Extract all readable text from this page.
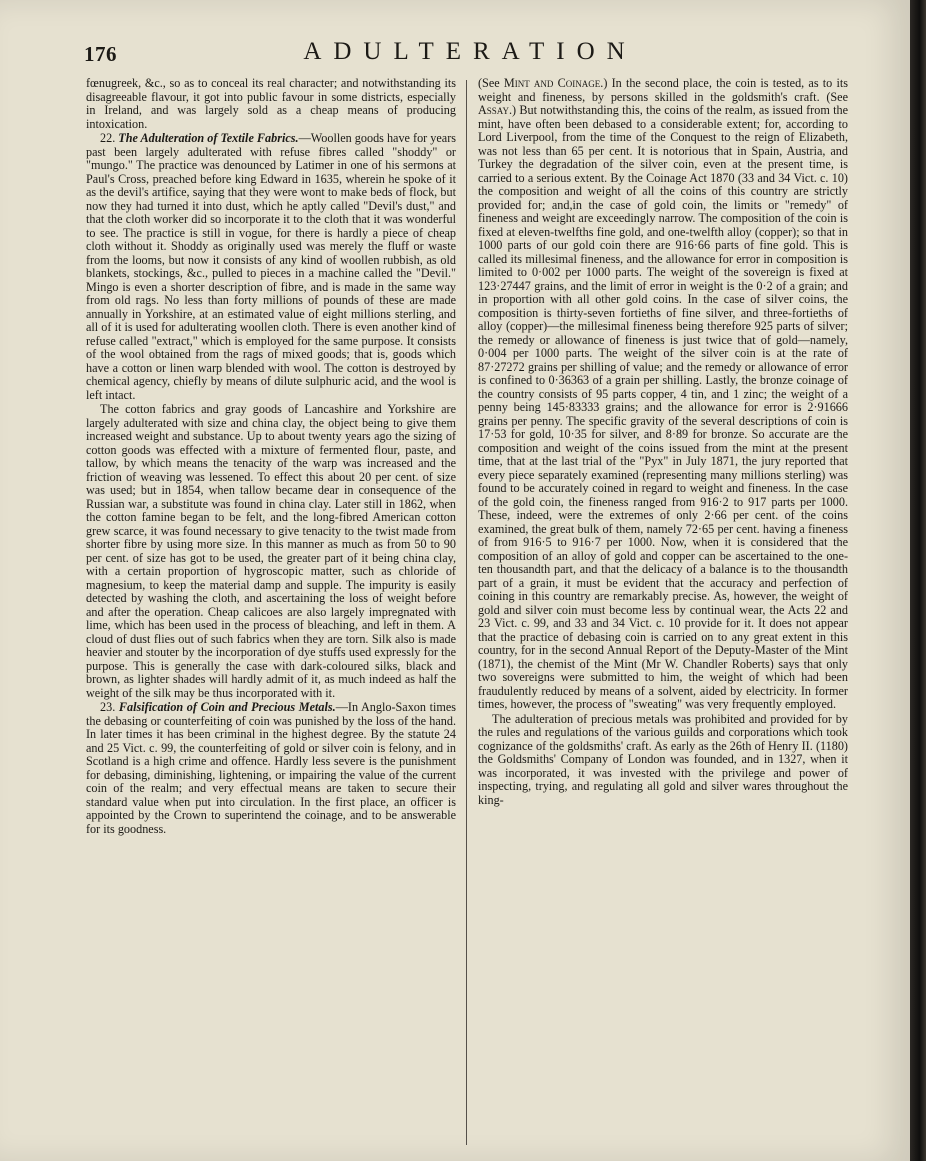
176	ADULTERATION

fœnugreek, &c., so as to conceal its real character; and notwithstanding its disagreeable flavour, it got into public favour in some districts, especially in Ireland, and was largely sold as a cheap means of producing intoxication.

22. The Adulteration of Textile Fabrics.—Woollen goods have for years past been largely adulterated with refuse fibres called "shoddy" or "mungo." The practice was denounced by Latimer in one of his sermons at Paul's Cross, preached before king Edward in 1635, wherein he spoke of it as the devil's artifice, saying that they were wont to make beds of flock, but now they had turned it into dust, which he aptly called "Devil's dust," and that the cloth worker did so incorporate it to the cloth that it was wonderful to see. The practice is still in vogue, for there is hardly a piece of cheap cloth without it. Shoddy as originally used was merely the fluff or waste from the looms, but now it consists of any kind of woollen rubbish, as old blankets, stockings, &c., pulled to pieces in a machine called the "Devil." Mingo is even a shorter description of fibre, and is made in the same way from old rags. No less than forty millions of pounds of these are made annually in Yorkshire, at an estimated value of eight millions sterling, and all of it is used for adulterating woollen cloth. There is even another kind of refuse called "extract," which is employed for the same purpose. It consists of the wool obtained from the rags of mixed goods; that is, goods which have a cotton or linen warp blended with wool. The cotton is destroyed by chemical agency, chiefly by means of dilute sulphuric acid, and the wool is left intact.

The cotton fabrics and gray goods of Lancashire and Yorkshire are largely adulterated with size and china clay, the object being to give them increased weight and substance. Up to about twenty years ago the sizing of cotton goods was effected with a mixture of fermented flour, paste, and tallow, by which means the tenacity of the warp was increased and the friction of weaving was lessened. To effect this about 20 per cent. of size was used; but in 1854, when tallow became dear in consequence of the Russian war, a substitute was found in china clay. Later still in 1862, when the cotton famine began to be felt, and the long-fibred American cotton grew scarce, it was found necessary to give tenacity to the twist made from shorter fibre by using more size. In this manner as much as from 50 to 90 per cent. of size has got to be used, the greater part of it being china clay, with a certain proportion of hygroscopic matter, such as chloride of magnesium, to keep the material damp and supple. The impurity is easily detected by washing the cloth, and ascertaining the loss of weight before and after the operation. Cheap calicoes are also largely impregnated with lime, which has been used in the process of bleaching, and left in them. A cloud of dust flies out of such fabrics when they are torn. Silk also is made heavier and stouter by the incorporation of dye stuffs used expressly for the purpose. This is generally the case with dark-coloured silks, black and brown, as lighter shades will hardly admit of it, as much indeed as half the weight of the silk may be thus incorporated with it.

23. Falsification of Coin and Precious Metals.—In Anglo-Saxon times the debasing or counterfeiting of coin was punished by the loss of the hand. In later times it has been criminal in the highest degree. By the statute 24 and 25 Vict. c. 99, the counterfeiting of gold or silver coin is felony, and in Scotland is a high crime and offence. Hardly less severe is the punishment for debasing, diminishing, lightening, or impairing the value of the current coin of the realm; and very effectual means are taken to secure their standard value when put into circulation. In the first place, an officer is appointed by the Crown to superintend the coinage, and to be answerable for its goodness.

(See Mint and Coinage.) In the second place, the coin is tested, as to its weight and fineness, by persons skilled in the goldsmith's craft. (See Assay.) But notwithstanding this, the coins of the realm, as issued from the mint, have often been debased to a considerable extent; for, according to Lord Liverpool, from the time of the Conquest to the reign of Elizabeth, was not less than 65 per cent. It is notorious that in Spain, Austria, and Turkey the degradation of the silver coin, even at the present time, is carried to a serious extent. By the Coinage Act 1870 (33 and 34 Vict. c. 10) the composition and weight of all the coins of this country are strictly provided for; and,in the case of gold coin, the limits or "remedy" of fineness and weight are exceedingly narrow. The composition of the coin is fixed at eleven-twelfths fine gold, and one-twelfth alloy (copper); so that in 1000 parts of our gold coin there are 916·66 parts of fine gold. This is called its millesimal fineness, and the allowance for error in composition is limited to 0·002 per 1000 parts. The weight of the sovereign is fixed at 123·27447 grains, and the limit of error in weight is the 0·2 of a grain; and in proportion with all other gold coins. In the case of silver coins, the composition is thirty-seven fortieths of fine silver, and three-fortieths of alloy (copper)—the millesimal fineness being therefore 925 parts of silver; the remedy or allowance of fineness is just twice that of gold—namely, 0·004 per 1000 parts. The weight of the silver coin is at the rate of 87·27272 grains per shilling of value; and the remedy or allowance of error is confined to 0·36363 of a grain per shilling. Lastly, the bronze coinage of the country consists of 95 parts copper, 4 tin, and 1 zinc; the weight of a penny being 145·83333 grains; and the allowance for error is 2·91666 grains per penny. The specific gravity of the several descriptions of coin is 17·53 for gold, 10·35 for silver, and 8·89 for bronze. So accurate are the composition and weight of the coins issued from the mint at the present time, that at the last trial of the "Pyx" in July 1871, the jury reported that every piece separately examined (representing many millions sterling) was found to be accurately coined in regard to weight and fineness. In the case of the gold coin, the fineness ranged from 916·2 to 917 parts per 1000. These, indeed, were the extremes of only 2·66 per cent. of the coins examined, the great bulk of them, namely 72·65 per cent. having a fineness of from 916·5 to 916·7 per 1000. Now, when it is considered that the composition of an alloy of gold and copper can be ascertained to the one-ten thousandth part, and that the delicacy of a balance is to the thousandth part of a grain, it must be evident that the accuracy and perfection of coining in this country are remarkably precise. As, however, the weight of gold and silver coin must become less by continual wear, the Acts 22 and 23 Vict. c. 99, and 33 and 34 Vict. c. 10 provide for it. It does not appear that the practice of debasing coin is carried on to any great extent in this country, for in the second Annual Report of the Deputy-Master of the Mint (1871), the chemist of the Mint (Mr W. Chandler Roberts) says that only two sovereigns were submitted to him, the weight of which had been fraudulently reduced by means of a solvent, aided by electricity. In former times, however, the process of "sweating" was very frequently employed.

The adulteration of precious metals was prohibited and provided for by the rules and regulations of the various guilds and corporations which took cognizance of the goldsmiths' craft. As early as the 26th of Henry II. (1180) the Goldsmiths' Company of London was founded, and in 1327, when it was incorporated, it was invested with the privilege and power of inspecting, trying, and regulating all gold and silver wares throughout the king-
